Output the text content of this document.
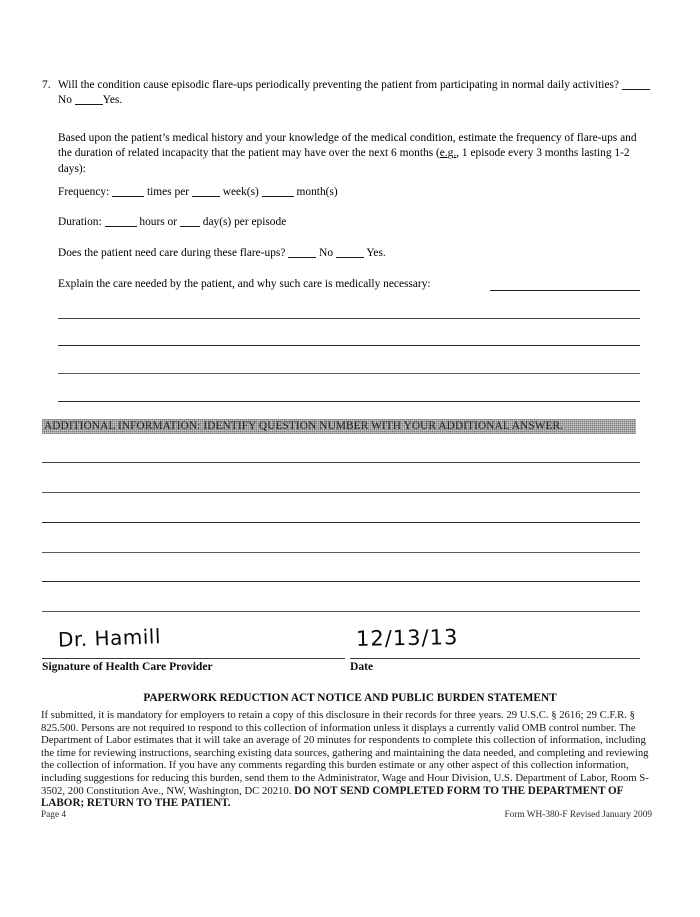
7. Will the condition cause episodic flare-ups periodically preventing the patient from participating in normal daily activities? No	Yes.
Based upon the patient’s medical history and your knowledge of the medical condition, estimate the frequency of flare-ups and the duration of related incapacity that the patient may have over the next 6 months (e.g., 1 episode every 3 months lasting 1-2 days):
Frequency:	times per	week(s)	month(s)
Duration:	hours or day(s) per episode
Does the patient need care during these flare-ups?	No	Yes.
Explain the care needed by the patient, and why such care is medically necessary:
ADDITIONAL INFORMATION: IDENTIFY QUESTION NUMBER WITH YOUR ADDITIONAL ANSWER.
Dr. Hamill
Signature of Health Care Provider
12/13/13
Date
PAPERWORK REDUCTION ACT NOTICE AND PUBLIC BURDEN STATEMENT
If submitted, it is mandatory for employers to retain a copy of this disclosure in their records for three years. 29 U.S.C. § 2616; 29 C.F.R. § 825.500. Persons are not required to respond to this collection of information unless it displays a currently valid OMB control number. The Department of Labor estimates that it will take an average of 20 minutes for respondents to complete this collection of information, including the time for reviewing instructions, searching existing data sources, gathering and maintaining the data needed, and completing and reviewing the collection of information. If you have any comments regarding this burden estimate or any other aspect of this collection information, including suggestions for reducing this burden, send them to the Administrator, Wage and Hour Division, U.S. Department of Labor, Room S-3502, 200 Constitution Ave., NW, Washington, DC 20210. DO NOT SEND COMPLETED FORM TO THE DEPARTMENT OF LABOR; RETURN TO THE PATIENT.
Page 4	Form WH-380-F Revised January 2009
